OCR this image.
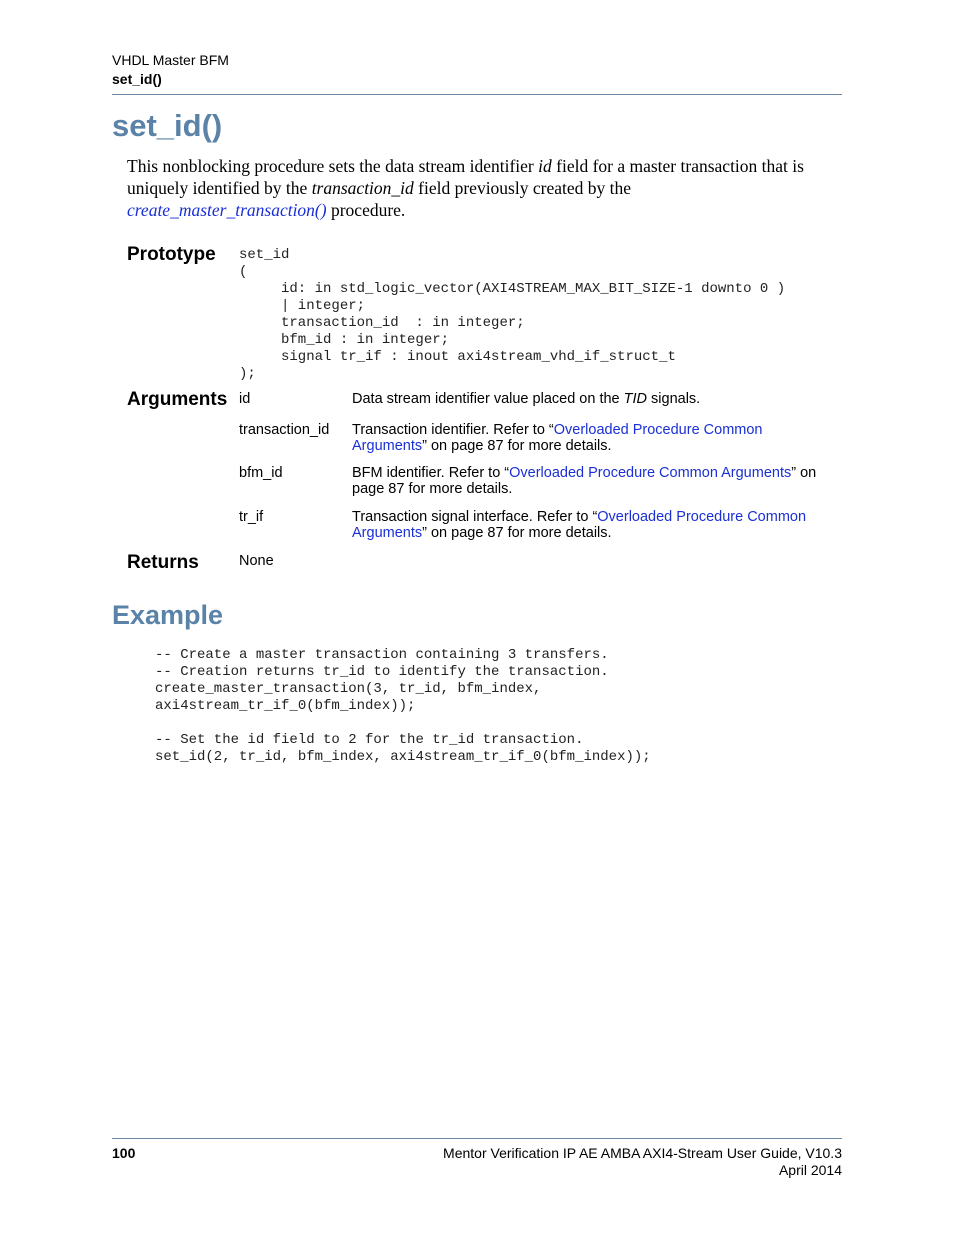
VHDL Master BFM
set_id()
set_id()
This nonblocking procedure sets the data stream identifier id field for a master transaction that is uniquely identified by the transaction_id field previously created by the
create_master_transaction() procedure.
Prototype set_id
(
id: in std_logic_vector(AXI4STREAM_MAX_BIT_SIZE-1 downto 0 )
| integer;
transaction_id  : in integer;
bfm_id : in integer;
signal tr_if : inout axi4stream_vhd_if_struct_t
);
Arguments id	Data stream identifier value placed on the TID signals.
transaction_id Transaction identifier. Refer to “Overloaded Procedure Common Arguments” on page 87 for more details.
bfm_id	BFM identifier. Refer to “Overloaded Procedure Common Arguments” on page 87 for more details.
tr_if	Transaction signal interface. Refer to “Overloaded Procedure Common Arguments” on page 87 for more details.
Returns	None
Example
-- Create a master transaction containing 3 transfers.
-- Creation returns tr_id to identify the transaction.
create_master_transaction(3, tr_id, bfm_index,
axi4stream_tr_if_0(bfm_index));

-- Set the id field to 2 for the tr_id transaction.
set_id(2, tr_id, bfm_index, axi4stream_tr_if_0(bfm_index));
100	Mentor Verification IP AE AMBA AXI4-Stream User Guide, V10.3
April 2014
